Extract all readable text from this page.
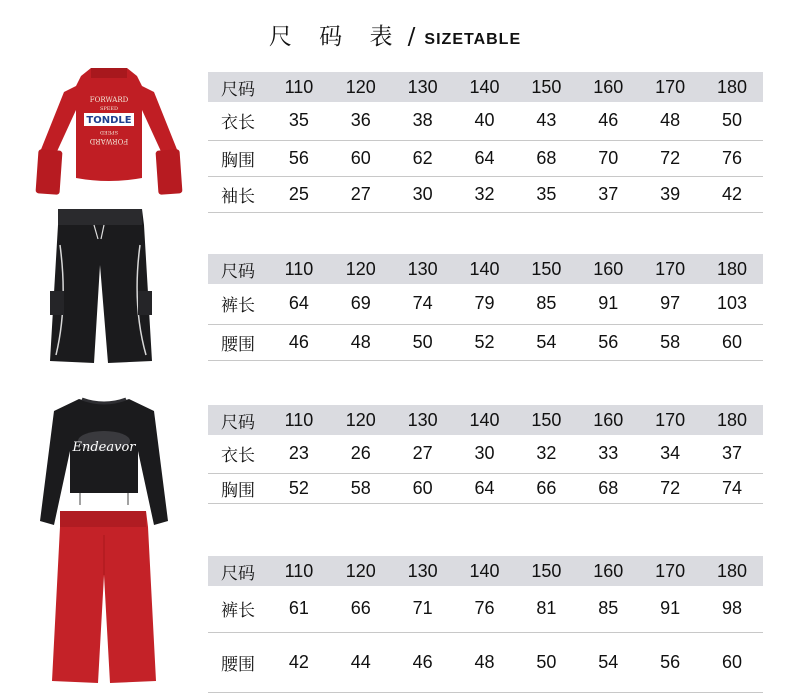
尺 码 表 / SIZETABLE
FORWARD
SPEED
TONDLE
SPEED
FORWARD
Endeavor
尺码	110	120	130	140	150	160	170	180
衣长	35	36	38	40	43	46	48	50
胸围	56	60	62	64	68	70	72	76
袖长	25	27	30	32	35	37	39	42
尺码	110	120	130	140	150	160	170	180
裤长	64	69	74	79	85	91	97	103
腰围	46	48	50	52	54	56	58	60
尺码	110	120	130	140	150	160	170	180
衣长	23	26	27	30	32	33	34	37
胸围	52	58	60	64	66	68	72	74
尺码	110	120	130	140	150	160	170	180
裤长	61	66	71	76	81	85	91	98
腰围	42	44	46	48	50	54	56	60
